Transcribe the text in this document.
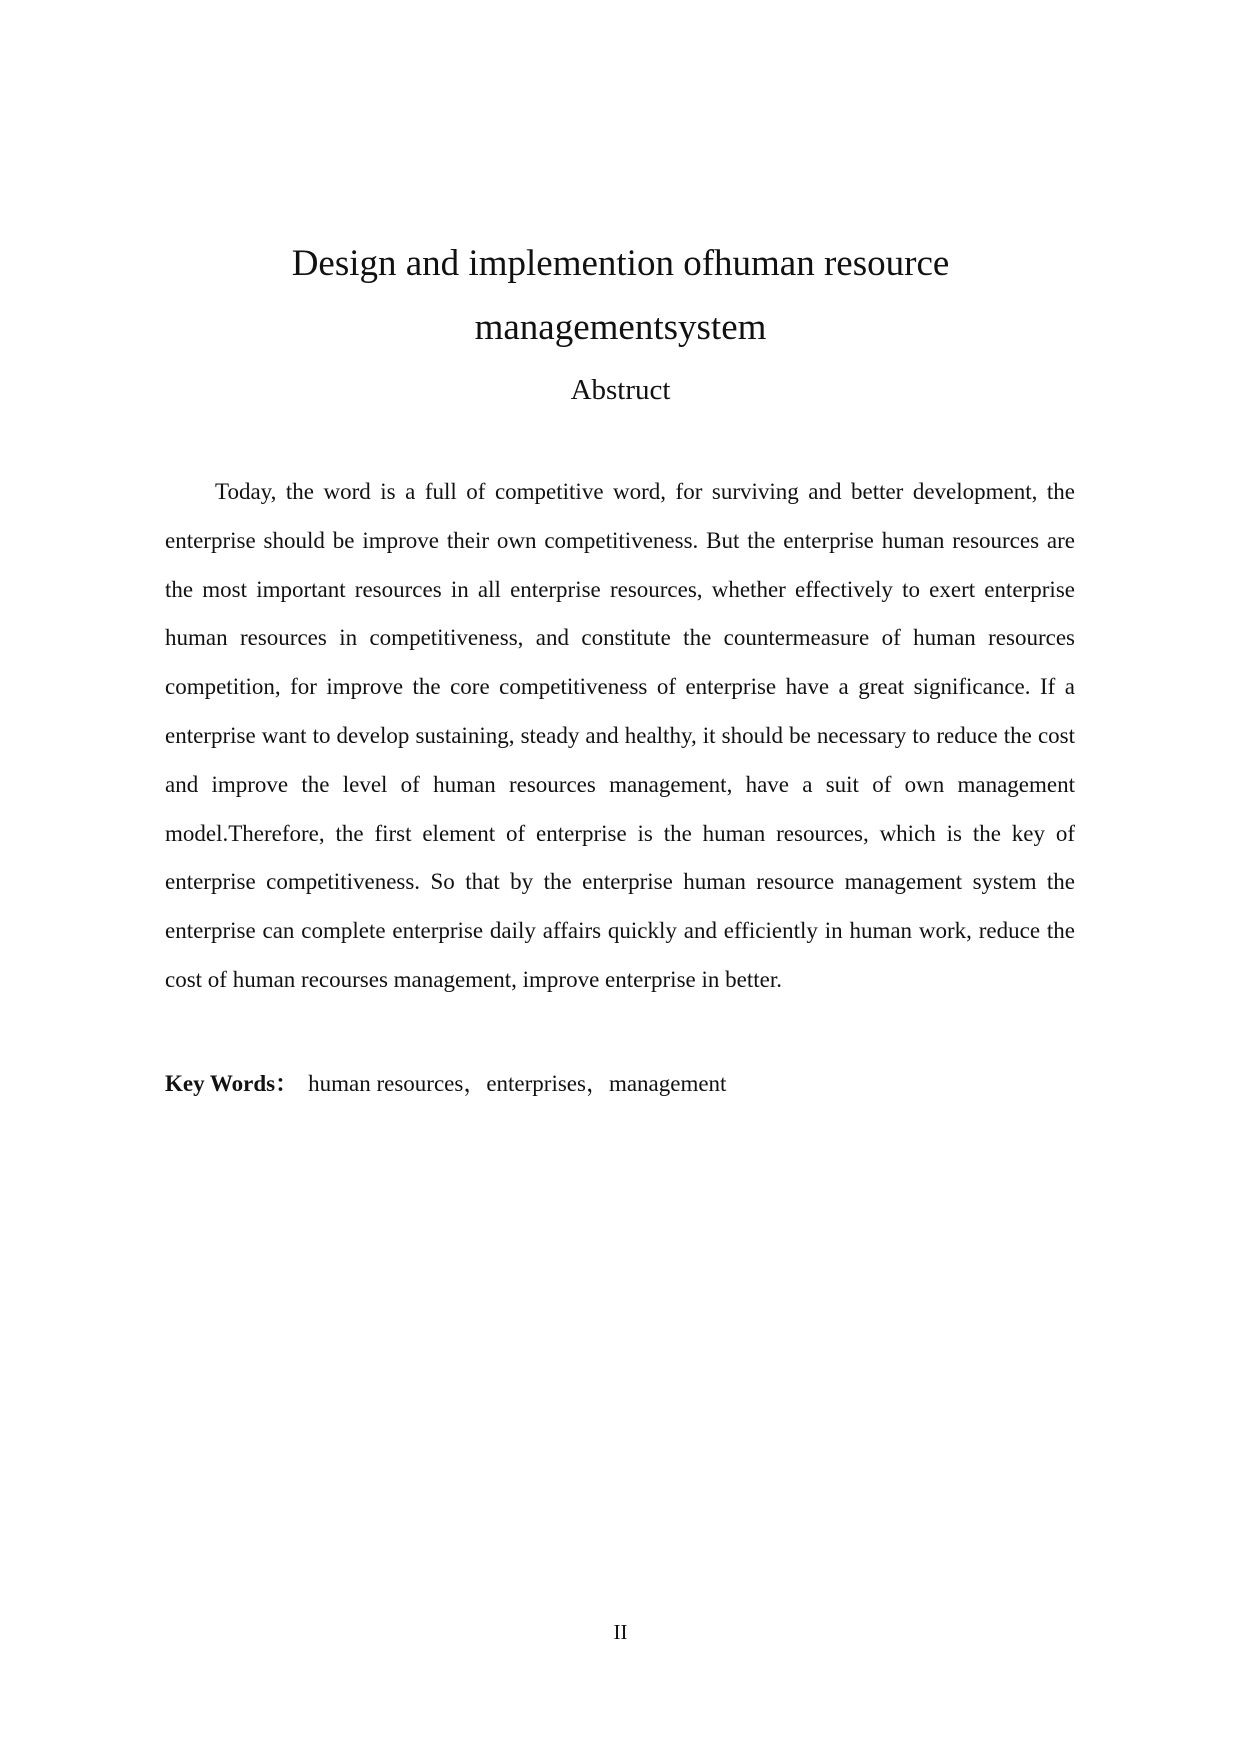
Design and implemention ofhuman resource
managementsystem
Abstruct

Today, the word is a full of competitive word, for surviving and better development, the enterprise should be improve their own competitiveness. But the enterprise human resources are the most important resources in all enterprise resources, whether effectively to exert enterprise human resources in competitiveness, and constitute the countermeasure of human resources competition, for improve the core competitiveness of enterprise have a great significance. If a enterprise want to develop sustaining, steady and healthy, it should be necessary to reduce the cost and improve the level of human resources management, have a suit of own management model.Therefore, the first element of enterprise is the human resources, which is the key of enterprise competitiveness. So that by the enterprise human resource management system the enterprise can complete enterprise daily affairs quickly and efficiently in human work, reduce the cost of human recourses management, improve enterprise in better.

Key Words： human resources，enterprises，management

II
